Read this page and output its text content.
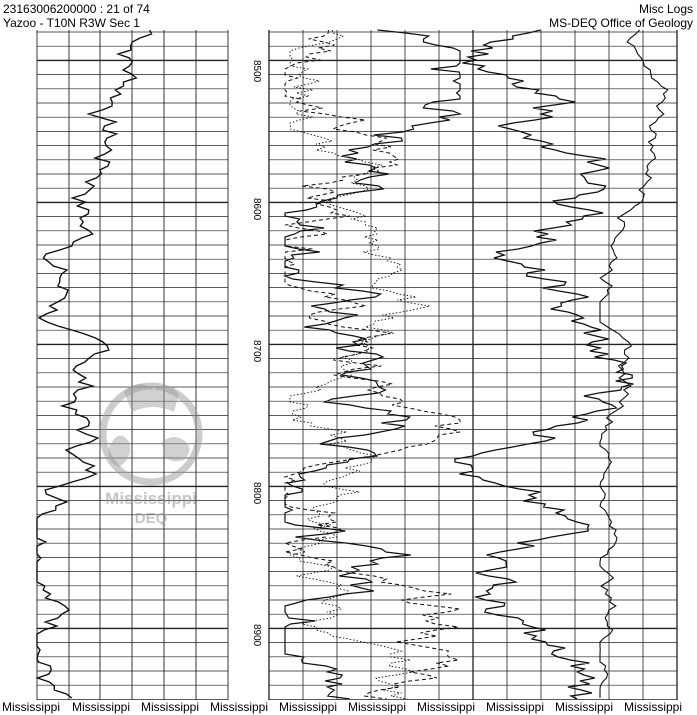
23163006200000 : 21 of 74
Yazoo - T10N R3W Sec 1
Misc Logs
MS-DEQ Office of Geology
8500
8600
8700
8800
8900
Mississippi
DEQ
Mississippi Mississippi Mississippi Mississippi Mississippi Mississippi Mississippi Mississippi Mississippi Mississippi
